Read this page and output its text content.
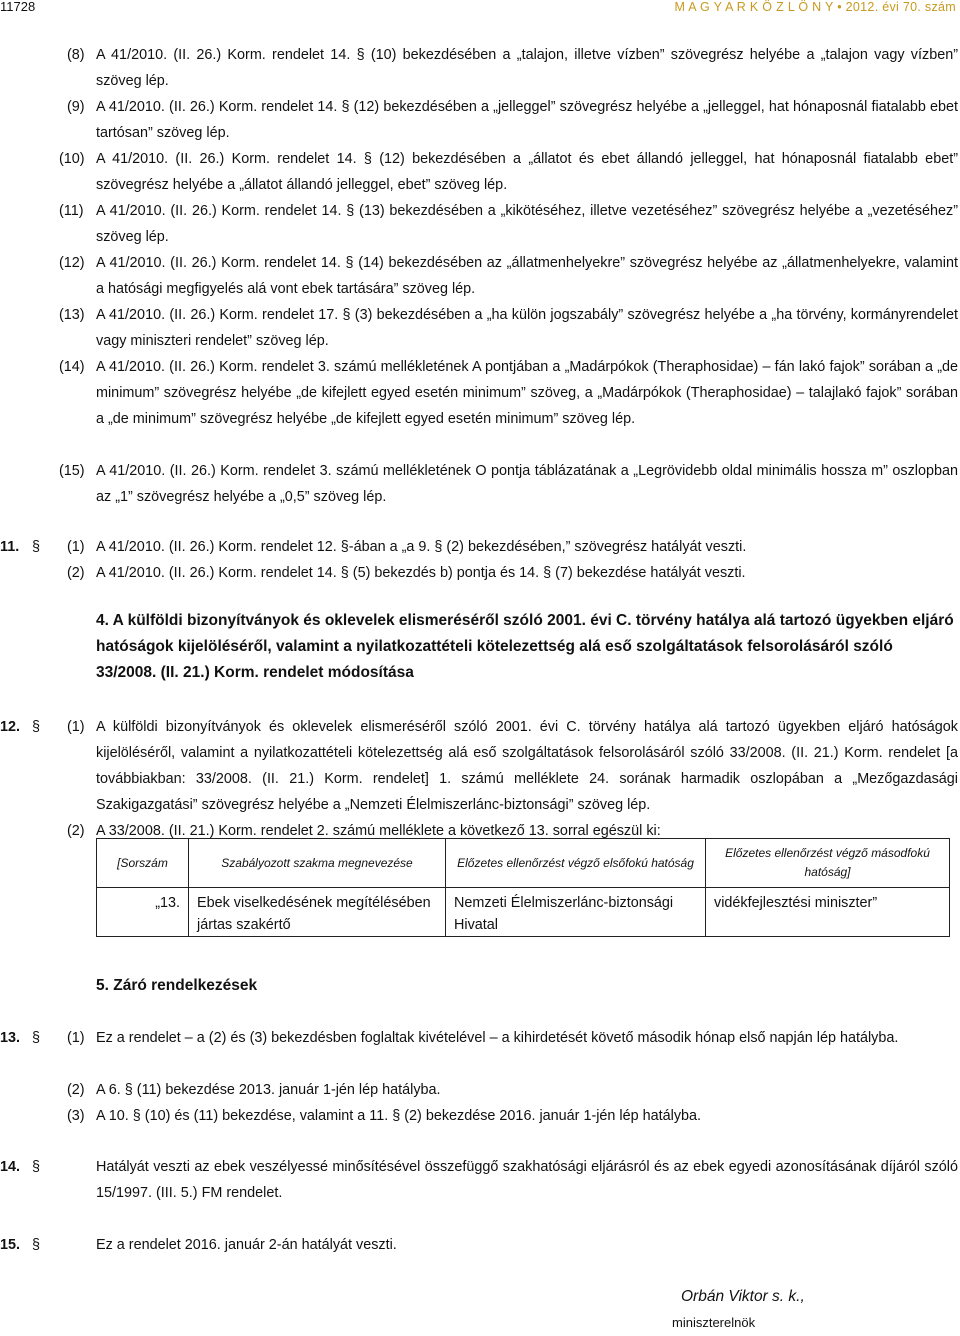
11728	M A G Y A R K Ö Z L Ö N Y • 2012. évi 70. szám
(8) A 41/2010. (II. 26.) Korm. rendelet 14. § (10) bekezdésében a „talajon, illetve vízben” szövegrész helyébe a „talajon vagy vízben” szöveg lép.
(9) A 41/2010. (II. 26.) Korm. rendelet 14. § (12) bekezdésében a „jelleggel” szövegrész helyébe a „jelleggel, hat hónaposnál fiatalabb ebet tartósan” szöveg lép.
(10) A 41/2010. (II. 26.) Korm. rendelet 14. § (12) bekezdésében a „állatot és ebet állandó jelleggel, hat hónaposnál fiatalabb ebet” szövegrész helyébe a „állatot állandó jelleggel, ebet” szöveg lép.
(11) A 41/2010. (II. 26.) Korm. rendelet 14. § (13) bekezdésében a „kikötéséhez, illetve vezetéséhez” szövegrész helyébe a „vezetéséhez” szöveg lép.
(12) A 41/2010. (II. 26.) Korm. rendelet 14. § (14) bekezdésében az „állatmenhelyekre” szövegrész helyébe az „állatmenhelyekre, valamint a hatósági megfigyelés alá vont ebek tartására” szöveg lép.
(13) A 41/2010. (II. 26.) Korm. rendelet 17. § (3) bekezdésében a „ha külön jogszabály” szövegrész helyébe a „ha törvény, kormányrendelet vagy miniszteri rendelet” szöveg lép.
(14) A 41/2010. (II. 26.) Korm. rendelet 3. számú mellékletének A pontjában a „Madárpókok (Theraphosidae) – fán lakó fajok” sorában a „de minimum” szövegrész helyébe „de kifejlett egyed esetén minimum” szöveg, a „Madárpókok (Theraphosidae) – talajlakó fajok” sorában a „de minimum” szövegrész helyébe „de kifejlett egyed esetén minimum” szöveg lép.
(15) A 41/2010. (II. 26.) Korm. rendelet 3. számú mellékletének O pontja táblázatának a „Legrövidebb oldal minimális hossza m” oszlopban az „1” szövegrész helyébe a „0,5” szöveg lép.
11. § (1) A 41/2010. (II. 26.) Korm. rendelet 12. §-ában a „a 9. § (2) bekezdésében,” szövegrész hatályát veszti.
(2) A 41/2010. (II. 26.) Korm. rendelet 14. § (5) bekezdés b) pontja és 14. § (7) bekezdése hatályát veszti.
4. A külföldi bizonyítványok és oklevelek elismeréséről szóló 2001. évi C. törvény hatálya alá tartozó ügyekben eljáró hatóságok kijelöléséről, valamint a nyilatkozattételi kötelezettség alá eső szolgáltatások felsorolásáról szóló 33/2008. (II. 21.) Korm. rendelet módosítása
12. § (1) A külföldi bizonyítványok és oklevelek elismeréséről szóló 2001. évi C. törvény hatálya alá tartozó ügyekben eljáró hatóságok kijelöléséről, valamint a nyilatkozattételi kötelezettség alá eső szolgáltatások felsorolásáról szóló 33/2008. (II. 21.) Korm. rendelet [a továbbiakban: 33/2008. (II. 21.) Korm. rendelet] 1. számú melléklete 24. sorának harmadik oszlopában a „Mezőgazdasági Szakigazgatási” szövegrész helyébe a „Nemzeti Élelmiszerlánc-biztonsági” szöveg lép.
(2) A 33/2008. (II. 21.) Korm. rendelet 2. számú melléklete a következő 13. sorral egészül ki:
[Sorszám	Szabályozott szakma megnevezése	Előzetes ellenőrzést végző elsőfokú hatóság	Előzetes ellenőrzést végző másodfokú hatóság]
„13.	Ebek viselkedésének megítélésében jártas szakértő	Nemzeti Élelmiszerlánc-biztonsági Hivatal	vidékfejlesztési miniszter”
5. Záró rendelkezések
13. § (1) Ez a rendelet – a (2) és (3) bekezdésben foglaltak kivételével – a kihirdetését követő második hónap első napján lép hatályba.
(2) A 6. § (11) bekezdése 2013. január 1-jén lép hatályba.
(3) A 10. § (10) és (11) bekezdése, valamint a 11. § (2) bekezdése 2016. január 1-jén lép hatályba.
14. §	Hatályát veszti az ebek veszélyessé minősítésével összefüggő szakhatósági eljárásról és az ebek egyedi azonosításának díjáról szóló 15/1997. (III. 5.) FM rendelet.
15. §	Ez a rendelet 2016. január 2-án hatályát veszti.
Orbán Viktor s. k.,
miniszterelnök
